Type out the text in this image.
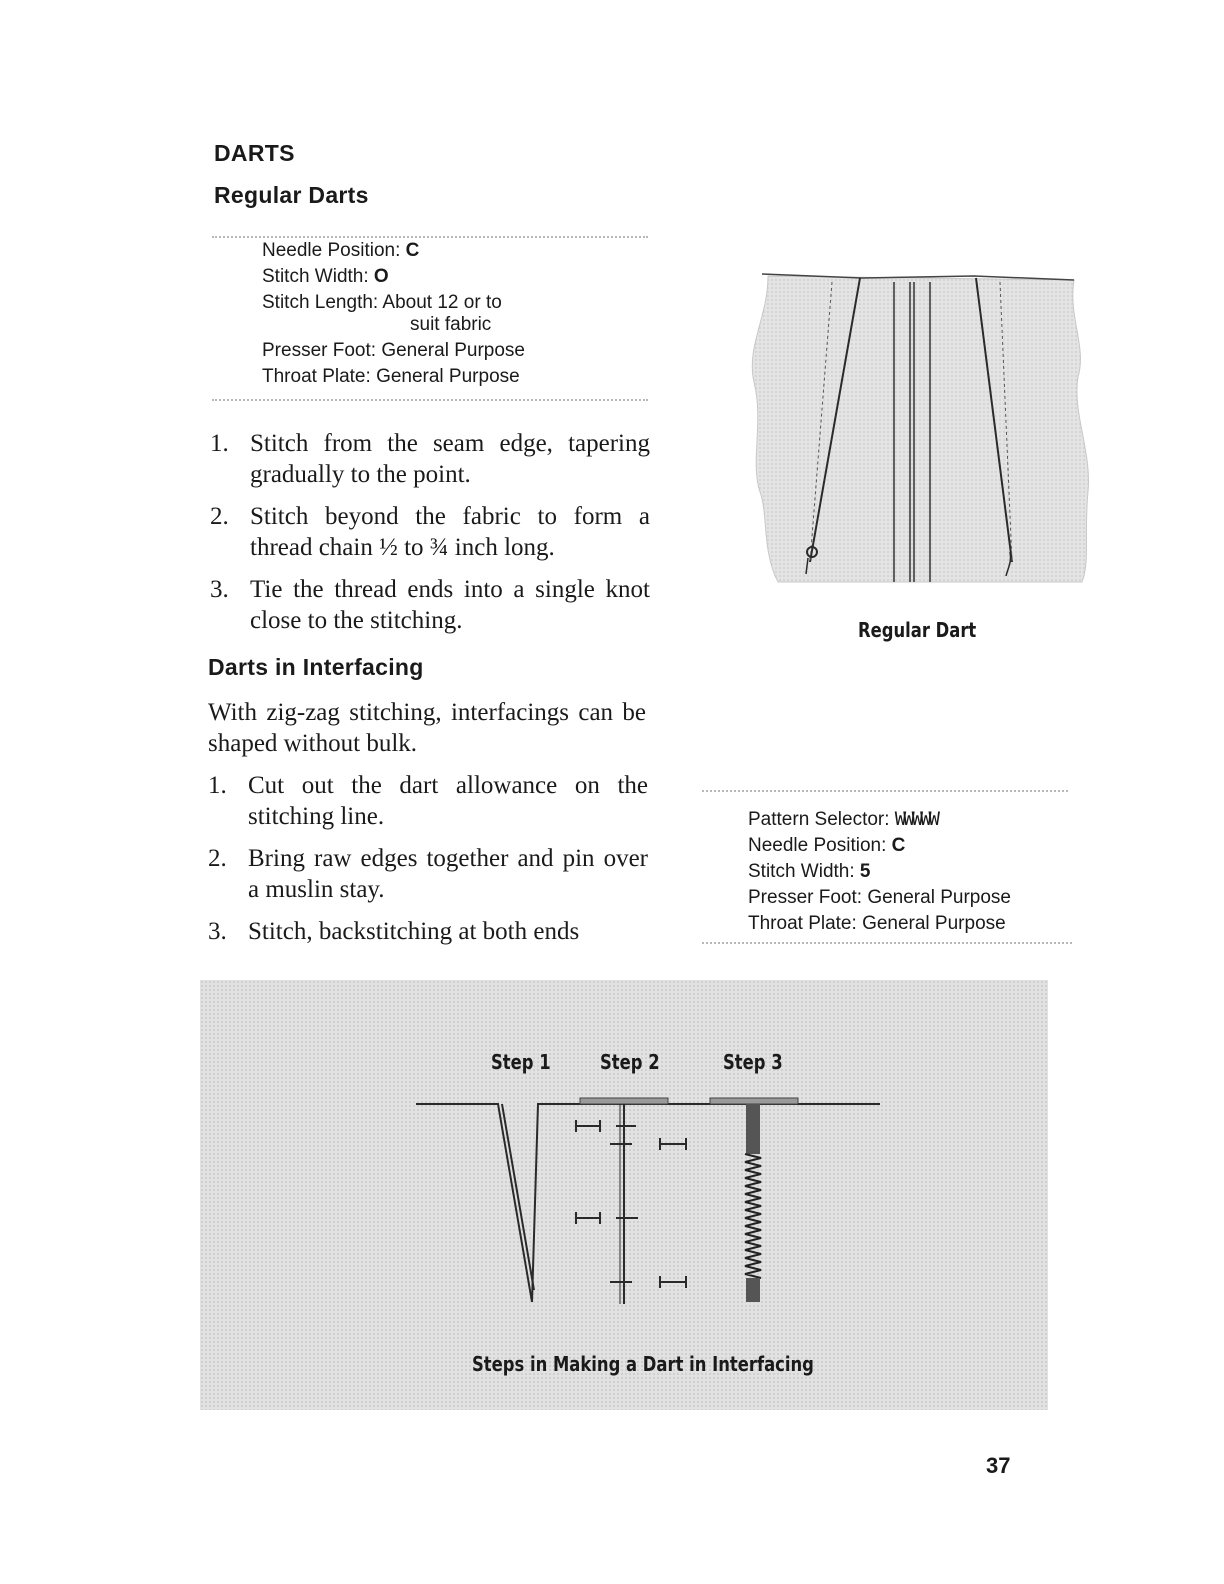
DARTS
Regular Darts
Needle Position: C
Stitch Width: O
Stitch Length: About 12 or to
suit fabric
Presser Foot: General Purpose
Throat Plate: General Purpose
1. Stitch from the seam edge, tapering gradually to the point.
2. Stitch beyond the fabric to form a thread chain ½ to ¾ inch long.
3. Tie the thread ends into a single knot close to the stitching.
Darts in Interfacing
With zig-zag stitching, interfacings can be shaped without bulk.
1. Cut out the dart allowance on the stitching line.
2. Bring raw edges together and pin over a muslin stay.
3. Stitch, backstitching at both ends
Regular Dart
Pattern Selector: WWWWW
Needle Position: C
Stitch Width: 5
Presser Foot: General Purpose
Throat Plate: General Purpose
Step 1 Step 2	Step 3
Steps in Making a Dart in Interfacing
37
